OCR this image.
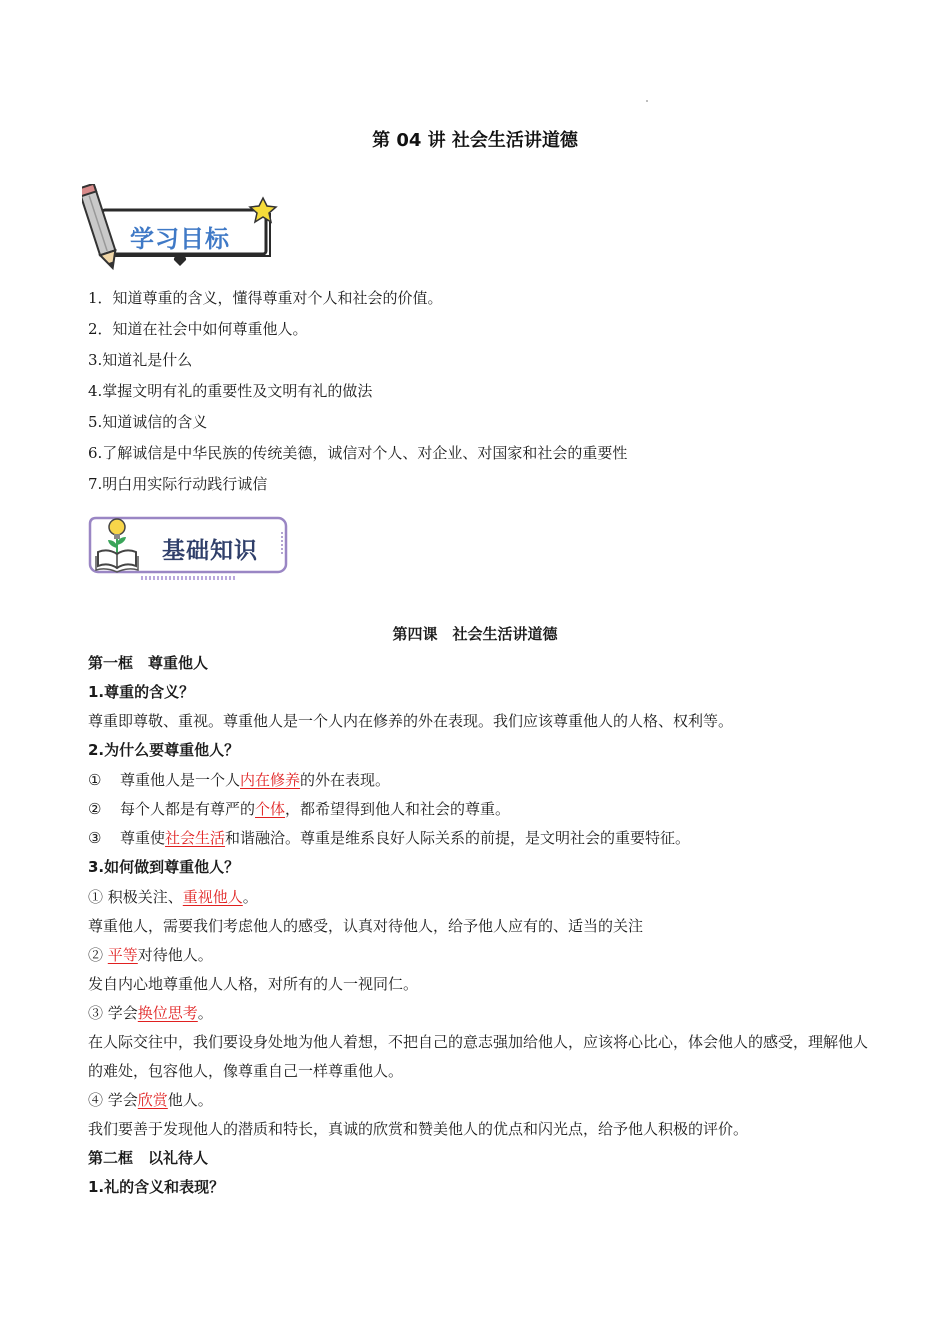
第 04 讲 社会生活讲道德
学习目标
1．知道尊重的含义，懂得尊重对个人和社会的价值。
2．知道在社会中如何尊重他人。
3.知道礼是什么
4.掌握文明有礼的重要性及文明有礼的做法
5.知道诚信的含义
6.了解诚信是中华民族的传统美德，诚信对个人、对企业、对国家和社会的重要性
7.明白用实际行动践行诚信
基础知识
第四课　社会生活讲道德
第一框　尊重他人
1.尊重的含义？
尊重即尊敬、重视。尊重他人是一个人内在修养的外在表现。我们应该尊重他人的人格、权利等。
2.为什么要尊重他人？
① 尊重他人是一个人内在修养的外在表现。
② 每个人都是有尊严的个体，都希望得到他人和社会的尊重。
③ 尊重使社会生活和谐融洽。尊重是维系良好人际关系的前提，是文明社会的重要特征。
3.如何做到尊重他人？
① 积极关注、重视他人。
尊重他人，需要我们考虑他人的感受，认真对待他人，给予他人应有的、适当的关注
② 平等对待他人。
发自内心地尊重他人人格，对所有的人一视同仁。
③ 学会换位思考。
在人际交往中，我们要设身处地为他人着想，不把自己的意志强加给他人，应该将心比心，体会他人的感受，理解他人的难处，包容他人，像尊重自己一样尊重他人。
④ 学会欣赏他人。
我们要善于发现他人的潜质和特长，真诚的欣赏和赞美他人的优点和闪光点，给予他人积极的评价。
第二框　以礼待人
1.礼的含义和表现？
